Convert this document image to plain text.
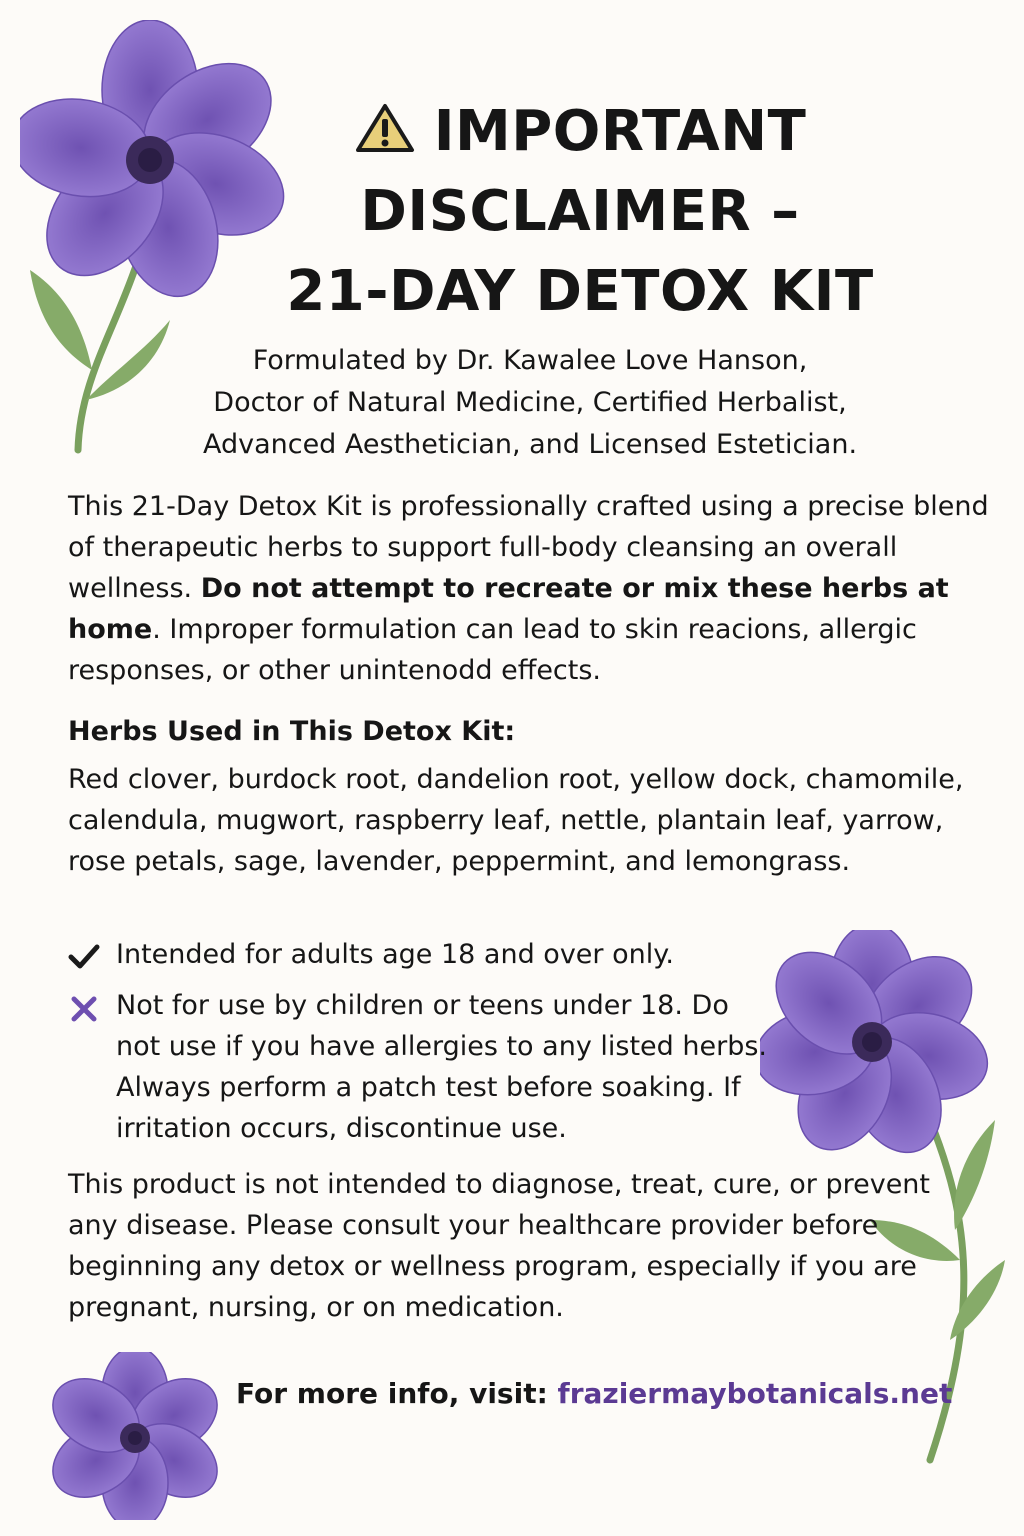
IMPORTANT
DISCLAIMER –
21-DAY DETOX KIT
Formulated by Dr. Kawalee Love Hanson,
Doctor of Natural Medicine, Certified Herbalist,
Advanced Aesthetician, and Licensed Estetician.
This 21-Day Detox Kit is professionally crafted using a precise blend of therapeutic herbs to support full-body cleansing an overall wellness. Do not attempt to recreate or mix these herbs at home. Improper formulation can lead to skin reacions, allergic responses, or other unintenodd effects.
Herbs Used in This Detox Kit:
Red clover, burdock root, dandelion root, yellow dock, chamomile, calendula, mugwort, raspberry leaf, nettle, plantain leaf, yarrow, rose petals, sage, lavender, peppermint, and lemongrass.
Intended for adults age 18 and over only.
Not for use by children or teens under 18. Do not use if you have allergies to any listed herbs. Always perform a patch test before soaking. If irritation occurs, discontinue use.
This product is not intended to diagnose, treat, cure, or prevent any disease. Please consult your healthcare provider before beginning any detox or wellness program, especially if you are pregnant, nursing, or on medication.
For more info, visit: fraziermaybotanicals.net
